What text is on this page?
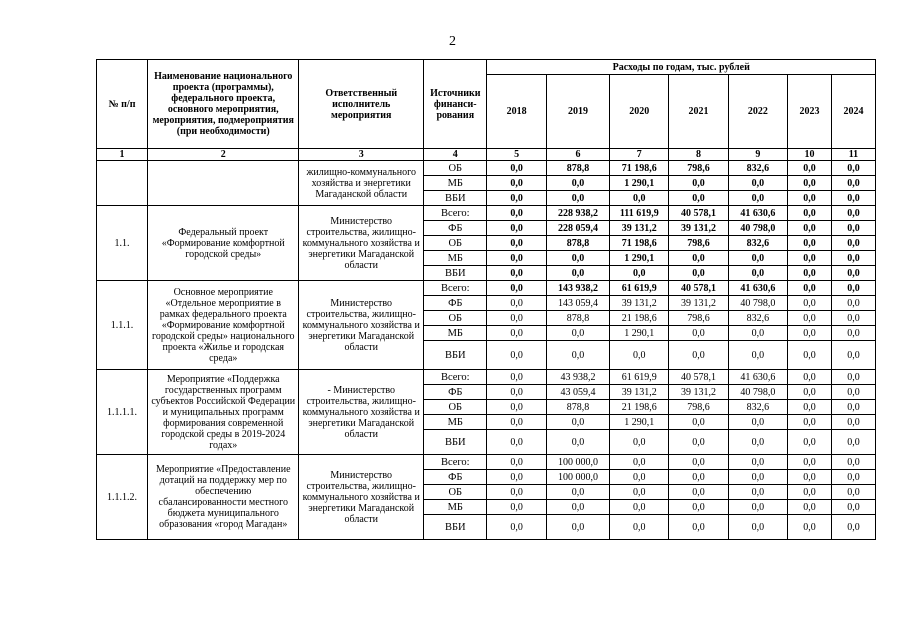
2
№ п/п	Наименование национального проекта (программы), федерального проекта, основного мероприятия, мероприятия, подмероприятия (при необходимости)	Ответственный исполнитель мероприятия	Источники финанси-рования	Расходы по годам, тыс. рублей						
				2018	2019	2020	2021	2022	2023	2024
1	2	3	4	5	6	7	8	9	10	11
		жилищно-коммунального хозяйства и энергетики Магаданской области	ОБ	0,0	878,8	71 198,6	798,6	832,6	0,0	0,0
			МБ	0,0	0,0	1 290,1	0,0	0,0	0,0	0,0
			ВБИ	0,0	0,0	0,0	0,0	0,0	0,0	0,0
1.1.	Федеральный проект «Формирование комфортной городской среды»	Министерство строительства, жилищно-коммунального хозяйства и энергетики Магаданской области	Всего:	0,0	228 938,2	111 619,9	40 578,1	41 630,6	0,0	0,0
			ФБ	0,0	228 059,4	39 131,2	39 131,2	40 798,0	0,0	0,0
			ОБ	0,0	878,8	71 198,6	798,6	832,6	0,0	0,0
			МБ	0,0	0,0	1 290,1	0,0	0,0	0,0	0,0
			ВБИ	0,0	0,0	0,0	0,0	0,0	0,0	0,0
1.1.1.	Основное мероприятие «Отдельное мероприятие в рамках федерального проекта «Формирование комфортной городской среды» национального проекта «Жилье и городская среда»	Министерство строительства, жилищно-коммунального хозяйства и энергетики Магаданской области	Всего:	0,0	143 938,2	61 619,9	40 578,1	41 630,6	0,0	0,0
			ФБ	0,0	143 059,4	39 131,2	39 131,2	40 798,0	0,0	0,0
			ОБ	0,0	878,8	21 198,6	798,6	832,6	0,0	0,0
			МБ	0,0	0,0	1 290,1	0,0	0,0	0,0	0,0
			ВБИ	0,0	0,0	0,0	0,0	0,0	0,0	0,0
1.1.1.1.	Мероприятие «Поддержка государственных программ субъектов Российской Федерации и муниципальных программ формирования современной городской среды в 2019-2024 годах»	- Министерство строительства, жилищно-коммунального хозяйства и энергетики Магаданской области	Всего:	0,0	43 938,2	61 619,9	40 578,1	41 630,6	0,0	0,0
			ФБ	0,0	43 059,4	39 131,2	39 131,2	40 798,0	0,0	0,0
			ОБ	0,0	878,8	21 198,6	798,6	832,6	0,0	0,0
			МБ	0,0	0,0	1 290,1	0,0	0,0	0,0	0,0
			ВБИ	0,0	0,0	0,0	0,0	0,0	0,0	0,0
1.1.1.2.	Мероприятие «Предоставление дотаций на поддержку мер по обеспечению сбалансированности местного бюджета муниципального образования «город Магадан»	Министерство строительства, жилищно-коммунального хозяйства и энергетики Магаданской области	Всего:	0,0	100 000,0	0,0	0,0	0,0	0,0	0,0
			ФБ	0,0	100 000,0	0,0	0,0	0,0	0,0	0,0
			ОБ	0,0	0,0	0,0	0,0	0,0	0,0	0,0
			МБ	0,0	0,0	0,0	0,0	0,0	0,0	0,0
			ВБИ	0,0	0,0	0,0	0,0	0,0	0,0	0,0
